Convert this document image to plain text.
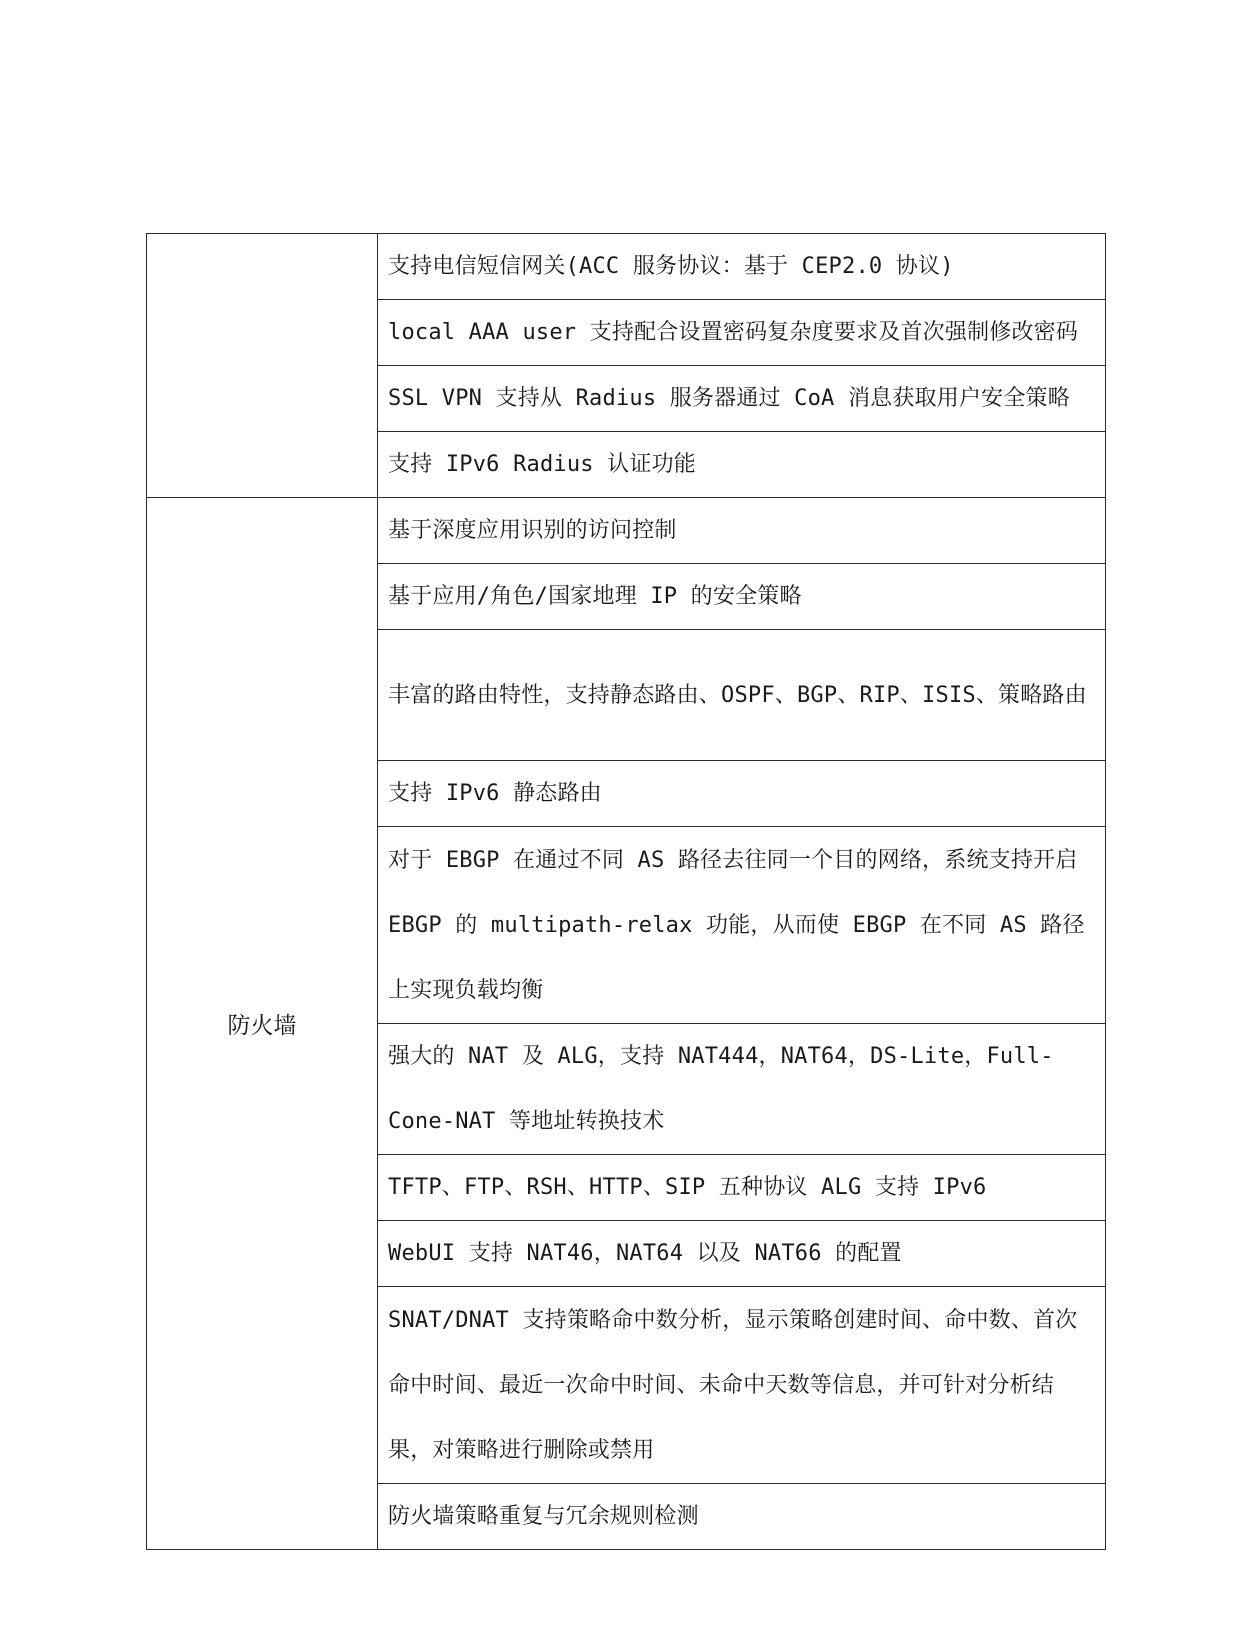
	支持电信短信网关(ACC 服务协议：基于 CEP2.0 协议)
	local AAA user 支持配合设置密码复杂度要求及首次强制修改密码
	SSL VPN 支持从 Radius 服务器通过 CoA 消息获取用户安全策略
	支持 IPv6 Radius 认证功能
防火墙	基于深度应用识别的访问控制
	基于应用/角色/国家地理 IP 的安全策略
	丰富的路由特性，支持静态路由、OSPF、BGP、RIP、ISIS、策略路由
	支持 IPv6 静态路由
	对于 EBGP 在通过不同 AS 路径去往同一个目的网络，系统支持开启 EBGP 的 multipath-relax 功能，从而使 EBGP 在不同 AS 路径上实现负载均衡
	强大的 NAT 及 ALG，支持 NAT444，NAT64，DS-Lite，Full-Cone-NAT 等地址转换技术
	TFTP、FTP、RSH、HTTP、SIP 五种协议 ALG 支持 IPv6
	WebUI 支持 NAT46，NAT64 以及 NAT66 的配置
	SNAT/DNAT 支持策略命中数分析，显示策略创建时间、命中数、首次命中时间、最近一次命中时间、未命中天数等信息，并可针对分析结果，对策略进行删除或禁用
	防火墙策略重复与冗余规则检测
